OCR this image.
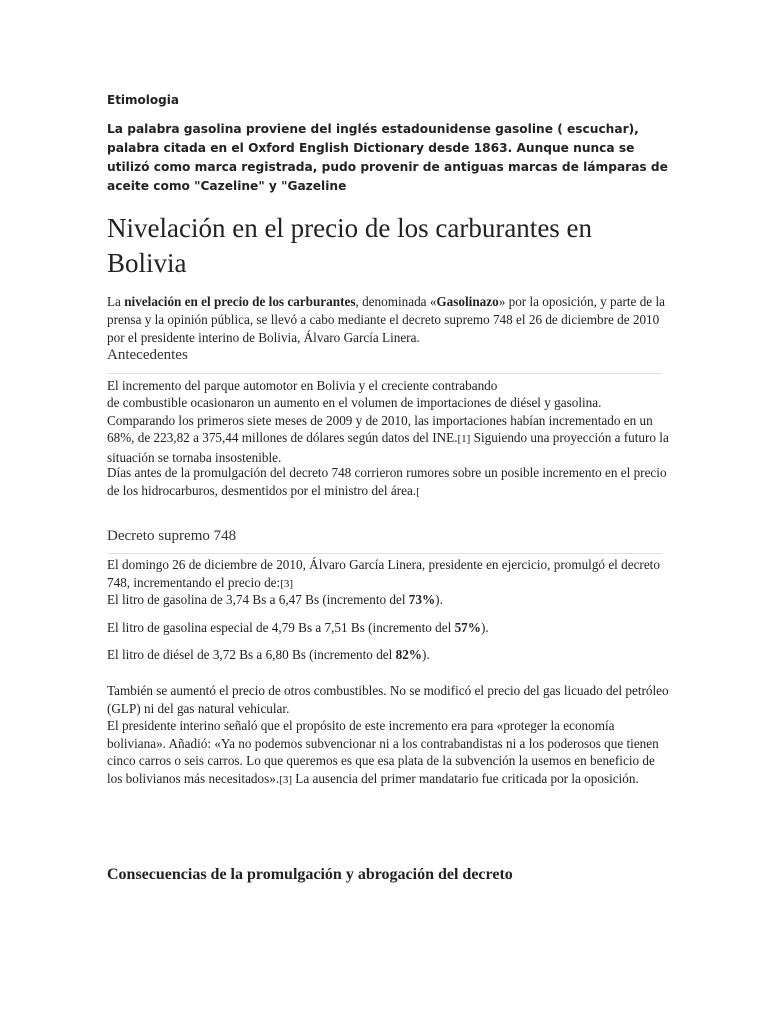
Etimologia
La palabra gasolina proviene del inglés estadounidense gasoline ( escuchar), palabra citada en el Oxford English Dictionary desde 1863. Aunque nunca se utilizó como marca registrada, pudo provenir de antiguas marcas de lámparas de aceite como "Cazeline" y "Gazeline
Nivelación en el precio de los carburantes en Bolivia
La nivelación en el precio de los carburantes, denominada «Gasolinazo» por la oposición, y parte de la prensa y la opinión pública, se llevó a cabo mediante el decreto supremo 748 el 26 de diciembre de 2010 por el presidente interino de Bolivia, Álvaro García Linera.
Antecedentes
El incremento del parque automotor en Bolivia y el creciente contrabando
de combustible ocasionaron un aumento en el volumen de importaciones de diésel y gasolina. Comparando los primeros siete meses de 2009 y de 2010, las importaciones habían incrementado en un 68%, de 223,82 a 375,44 millones de dólares según datos del INE.[1] Siguiendo una proyección a futuro la situación se tornaba insostenible.
Días antes de la promulgación del decreto 748 corrieron rumores sobre un posible incremento en el precio de los hidrocarburos, desmentidos por el ministro del área.[
Decreto supremo 748
El domingo 26 de diciembre de 2010, Álvaro García Linera, presidente en ejercicio, promulgó el decreto 748, incrementando el precio de:[3]
El litro de gasolina de 3,74 Bs a 6,47 Bs (incremento del 73%).
El litro de gasolina especial de 4,79 Bs a 7,51 Bs (incremento del 57%).
El litro de diésel de 3,72 Bs a 6,80 Bs (incremento del 82%).
También se aumentó el precio de otros combustibles. No se modificó el precio del gas licuado del petróleo (GLP) ni del gas natural vehicular.
El presidente interino señaló que el propósito de este incremento era para «proteger la economía boliviana». Añadió: «Ya no podemos subvencionar ni a los contrabandistas ni a los poderosos que tienen cinco carros o seis carros. Lo que queremos es que esa plata de la subvención la usemos en beneficio de los bolivianos más necesitados».[3] La ausencia del primer mandatario fue criticada por la oposición.
Consecuencias de la promulgación y abrogación del decreto
